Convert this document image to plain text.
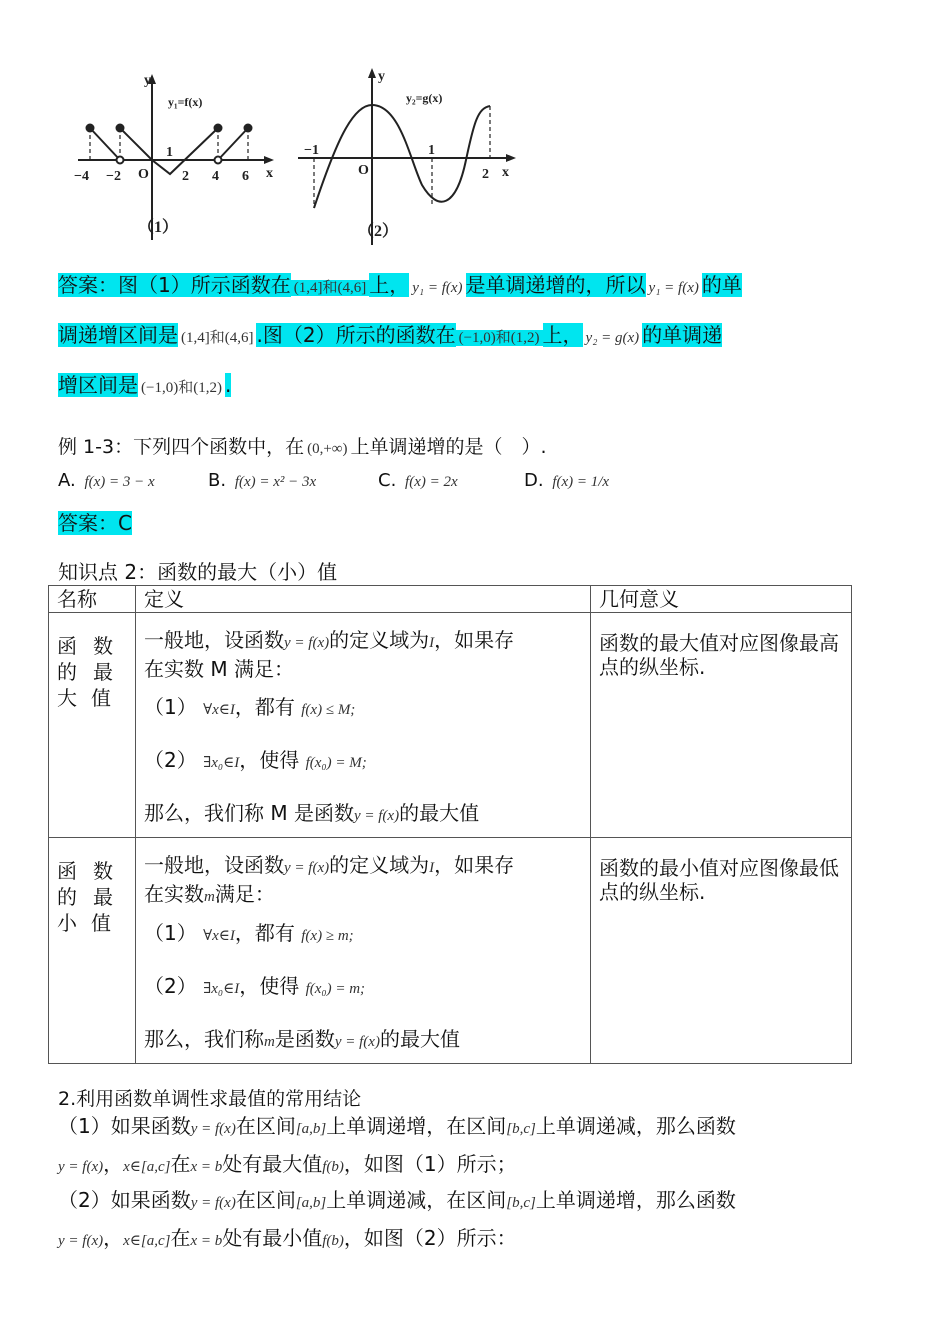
y
x
O
y₁=f(x)
−4 −2
1
2 4 6
（1）
y
x
O
y₂=g(x)
−1	1
2
（2）
答案：图（1）所示函数在 (1,4]和(4,6] 上， y₁ = f(x) 是单调递增的，所以 y₁ = f(x) 的单
调递增区间是 (1,4]和(4,6] .图（2）所示的函数在 (−1,0)和(1,2) 上， y₂ = g(x) 的单调递
增区间是 (−1,0)和(1,2) .
例 1-3：下列四个函数中，在 (0,+∞) 上单调递增的是（　）.
A. f(x) = 3 − x	B. f(x) = x² − 3x	C. f(x) = 2x	D. f(x) = 1/x
答案：C
知识点 2：函数的最大（小）值
名称	定义	几何意义
函数的最大值	一般地，设函数y = f(x)的定义域为I，如果存
在实数 M 满足：
（1） ∀x∈I，都有 f(x) ≤ M;
（2） ∃x₀∈I，使得 f(x₀) = M;
那么，我们称 M 是函数y = f(x)的最大值	函数的最大值对应图像最高点的纵坐标.
函数的最小值	一般地，设函数y = f(x)的定义域为I，如果存
在实数m满足：
（1） ∀x∈I，都有 f(x) ≥ m;
（2） ∃x₀∈I，使得 f(x₀) = m;
那么，我们称m是函数y = f(x)的最大值	函数的最小值对应图像最低点的纵坐标.
2.利用函数单调性求最值的常用结论
（1）如果函数y = f(x)在区间[a,b]上单调递增，在区间[b,c]上单调递减，那么函数
y = f(x)，x∈[a,c]在x = b处有最大值f(b)，如图（1）所示；
（2）如果函数y = f(x)在区间[a,b]上单调递减，在区间[b,c]上单调递增，那么函数
y = f(x)，x∈[a,c]在x = b处有最小值f(b)，如图（2）所示：
